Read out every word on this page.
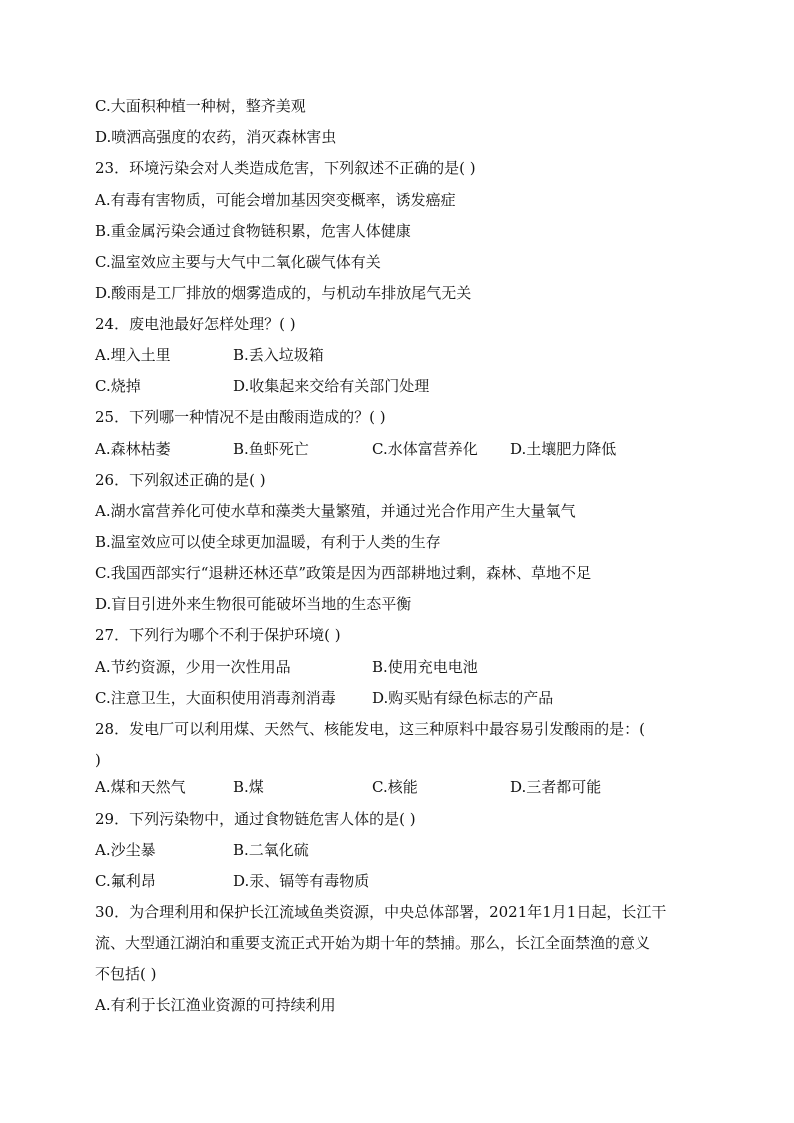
C.大面积种植一种树，整齐美观
D.喷洒高强度的农药，消灭森林害虫
23．环境污染会对人类造成危害，下列叙述不正确的是( )
A.有毒有害物质，可能会增加基因突变概率，诱发癌症
B.重金属污染会通过食物链积累，危害人体健康
C.温室效应主要与大气中二氧化碳气体有关
D.酸雨是工厂排放的烟雾造成的，与机动车排放尾气无关
24．废电池最好怎样处理？( )
A.埋入土里	B.丢入垃圾箱
C.烧掉	D.收集起来交给有关部门处理
25．下列哪一种情况不是由酸雨造成的？( )
A.森林枯萎	B.鱼虾死亡	C.水体富营养化 D.土壤肥力降低
26．下列叙述正确的是( )
A.湖水富营养化可使水草和藻类大量繁殖，并通过光合作用产生大量氧气
B.温室效应可以使全球更加温暖，有利于人类的生存
C.我国西部实行“退耕还林还草”政策是因为西部耕地过剩，森林、草地不足
D.盲目引进外来生物很可能破坏当地的生态平衡
27．下列行为哪个不利于保护环境( )
A.节约资源，少用一次性用品	B.使用充电电池
C.注意卫生，大面积使用消毒剂消毒 D.购买贴有绿色标志的产品
28．发电厂可以利用煤、天然气、核能发电，这三种原料中最容易引发酸雨的是：(
)
A.煤和天然气	B.煤	C.核能	D.三者都可能
29．下列污染物中，通过食物链危害人体的是( )
A.沙尘暴	B.二氧化硫
C.氟利昂	D.汞、镉等有毒物质
30．为合理利用和保护长江流域鱼类资源，中央总体部署，2021年1月1日起，长江干
流、大型通江湖泊和重要支流正式开始为期十年的禁捕。那么，长江全面禁渔的意义
不包括( )
A.有利于长江渔业资源的可持续利用
